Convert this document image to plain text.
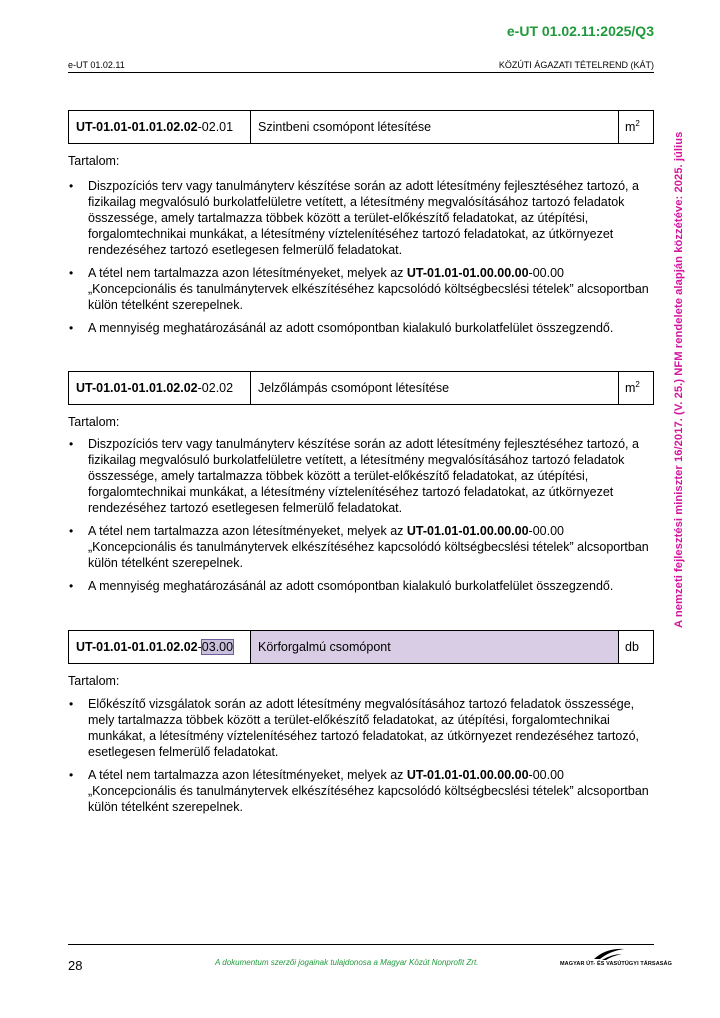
e-UT 01.02.11:2025/Q3
e-UT 01.02.11	KÖZÚTI ÁGAZATI TÉTELREND (KÁT)
A nemzeti fejlesztési miniszter 16/2017. (V. 25.) NFM rendelete alapján közzétéve: 2025. július
UT-01.01-01.01.02.02-02.01	Szintbeni csomópont létesítése	$m^2$
Tartalom:
• Diszpozíciós terv vagy tanulmányterv készítése során az adott létesítmény fejlesztéséhez tartozó, a fizikailag megvalósuló burkolatfelületre vetített, a létesítmény megvalósításához tartozó feladatok összessége, amely tartalmazza többek között a terület-előkészítő feladatokat, az útépítési, forgalomtechnikai munkákat, a létesítmény víztelenítéséhez tartozó feladatokat, az útkörnyezet rendezéséhez tartozó esetlegesen felmerülő feladatokat.
• A tétel nem tartalmazza azon létesítményeket, melyek az UT-01.01-01.00.00.00-00.00 „Koncepcionális és tanulmánytervek elkészítéséhez kapcsolódó költségbecslési tételek” alcsoportban külön tételként szerepelnek.
• A mennyiség meghatározásánál az adott csomópontban kialakuló burkolatfelület összegzendő.
UT-01.01-01.01.02.02-02.02	Jelzőlámpás csomópont létesítése	$m^2$
Tartalom:
• Diszpozíciós terv vagy tanulmányterv készítése során az adott létesítmény fejlesztéséhez tartozó, a fizikailag megvalósuló burkolatfelületre vetített, a létesítmény megvalósításához tartozó feladatok összessége, amely tartalmazza többek között a terület-előkészítő feladatokat, az útépítési, forgalomtechnikai munkákat, a létesítmény víztelenítéséhez tartozó feladatokat, az útkörnyezet rendezéséhez tartozó esetlegesen felmerülő feladatokat.
• A tétel nem tartalmazza azon létesítményeket, melyek az UT-01.01-01.00.00.00-00.00 „Koncepcionális és tanulmánytervek elkészítéséhez kapcsolódó költségbecslési tételek” alcsoportban külön tételként szerepelnek.
• A mennyiség meghatározásánál az adott csomópontban kialakuló burkolatfelület összegzendő.
UT-01.01-01.01.02.02-03.00	Körforgalmú csomópont	db
Tartalom:
• Előkészítő vizsgálatok során az adott létesítmény megvalósításához tartozó feladatok összessége, mely tartalmazza többek között a terület-előkészítő feladatokat, az útépítési, forgalomtechnikai munkákat, a létesítmény víztelenítéséhez tartozó feladatokat, az útkörnyezet rendezéséhez tartozó, esetlegesen felmerülő feladatokat.
• A tétel nem tartalmazza azon létesítményeket, melyek az UT-01.01-01.00.00.00-00.00 „Koncepcionális és tanulmánytervek elkészítéséhez kapcsolódó költségbecslési tételek” alcsoportban külön tételként szerepelnek.
28	A dokumentum szerzői jogainak tulajdonosa a Magyar Közút Nonprofit Zrt.	MAGYAR ÚT- ÉS VASÚTÜGYI TÁRSASÁG
